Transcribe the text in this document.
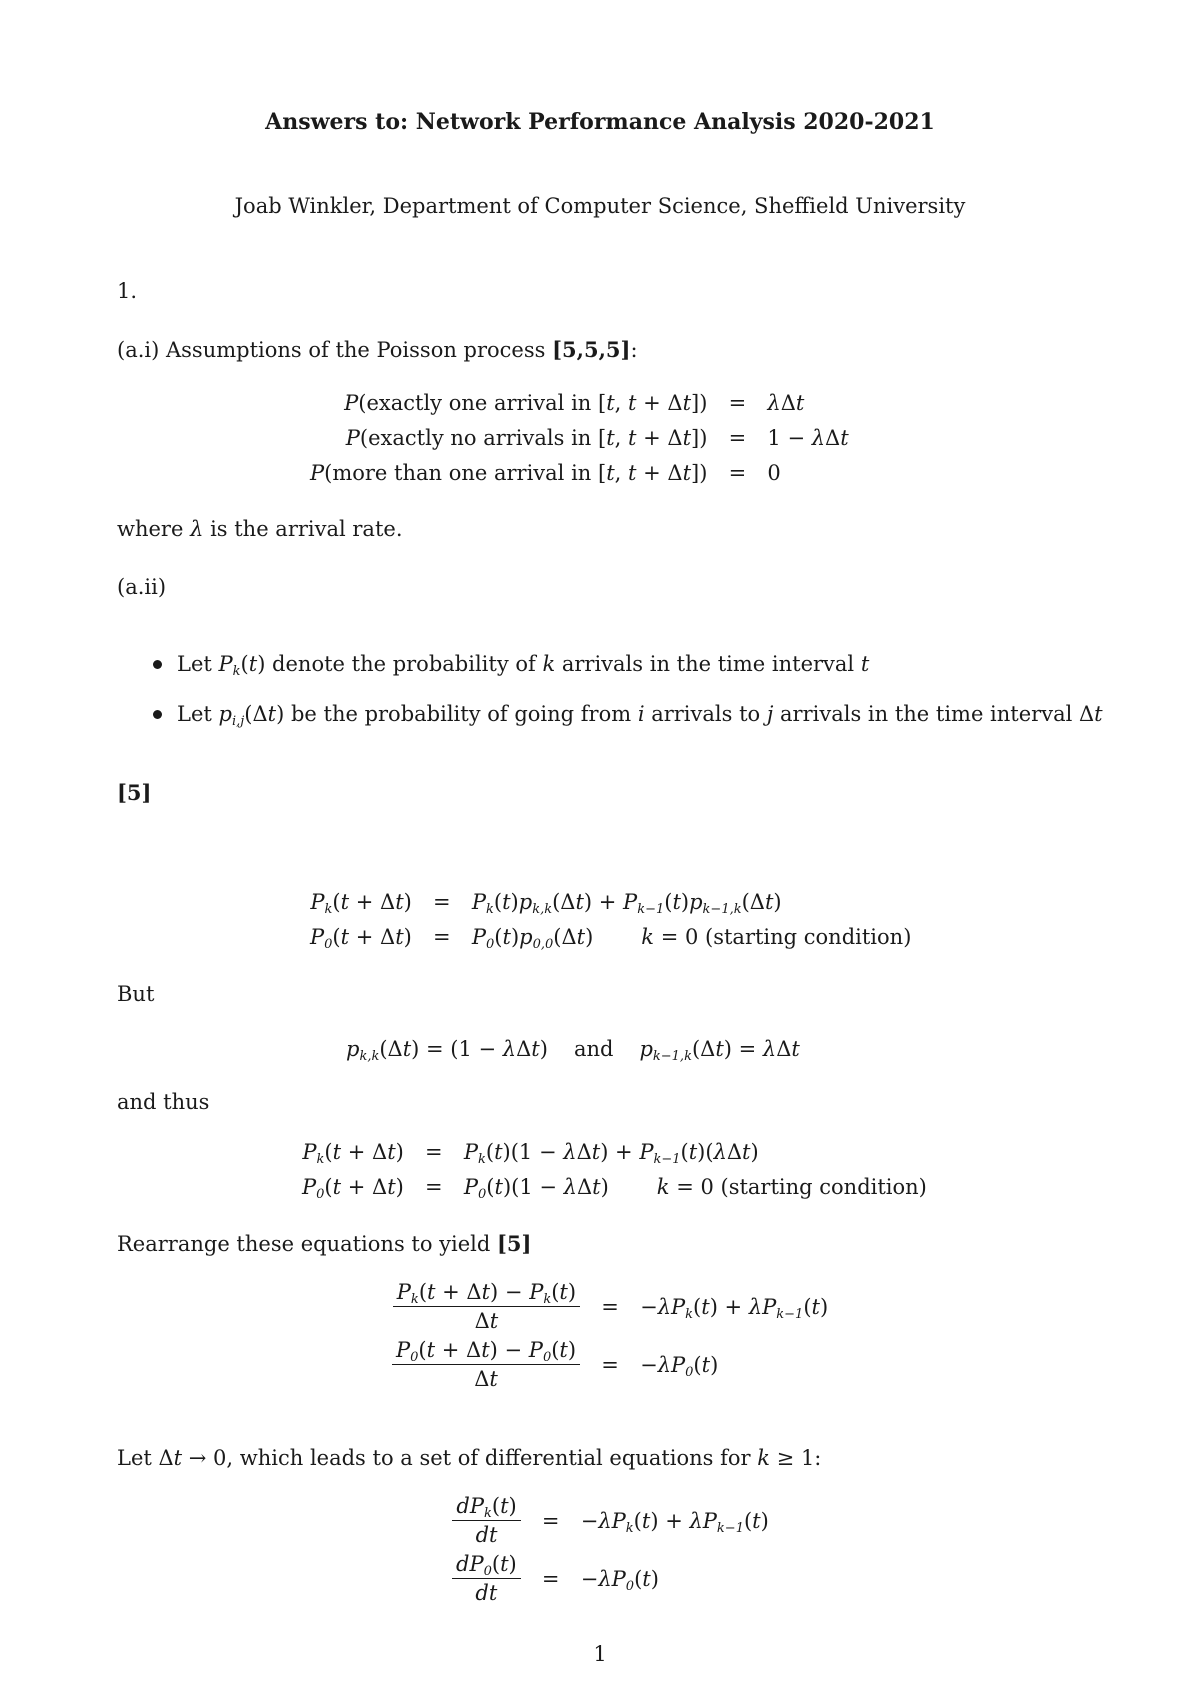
Answers to: Network Performance Analysis 2020-2021
Joab Winkler, Department of Computer Science, Sheffield University
1.
(a.i) Assumptions of the Poisson process [5,5,5]:
P(exactly one arrival in [t, t + Δt])	=	λΔt
P(exactly no arrivals in [t, t + Δt])	=	1 − λΔt
P(more than one arrival in [t, t + Δt])	=	0
where λ is the arrival rate.
(a.ii)
Let $P_k(t)$ denote the probability of k arrivals in the time interval t
Let $p_{i,j}(\Delta t)$ be the probability of going from i arrivals to j arrivals in the time interval Δt
[5]
$P_k(t + \Delta t)$	=	$P_k(t)p_{k,k}(\Delta t) + P_{k-1}(t)p_{k-1,k}(\Delta t)$
$P_0(t + \Delta t)$	=	$P_0(t)p_{0,0}(\Delta t) k = 0$ (starting condition)
But
$p_{k,k}(\Delta t) = (1 - \lambda\Delta t)$ and $p_{k-1,k}(\Delta t) = \lambda\Delta t$
and thus
$P_k(t + \Delta t)$	=	$P_k(t)(1 - \lambda\Delta t) + P_{k-1}(t)(\lambda\Delta t)$
$P_0(t + \Delta t)$	=	$P_0(t)(1 - \lambda\Delta t) k = 0$ (starting condition)
Rearrange these equations to yield [5]
$\frac{P_k(t + \Delta t) - P_k(t)}{\Delta t}$	=	$-\lambda P_k(t) + \lambda P_{k-1}(t)$

$\frac{P_0(t + \Delta t) - P_0(t)}{\Delta t}$	=	$-\lambda P_0(t)$
Let Δt → 0, which leads to a set of differential equations for k ≥ 1:
$\frac{dP_k(t)}{dt}$	=	$-\lambda P_k(t) + \lambda P_{k-1}(t)$

$\frac{dP_0(t)}{dt}$	=	$-\lambda P_0(t)$
1
